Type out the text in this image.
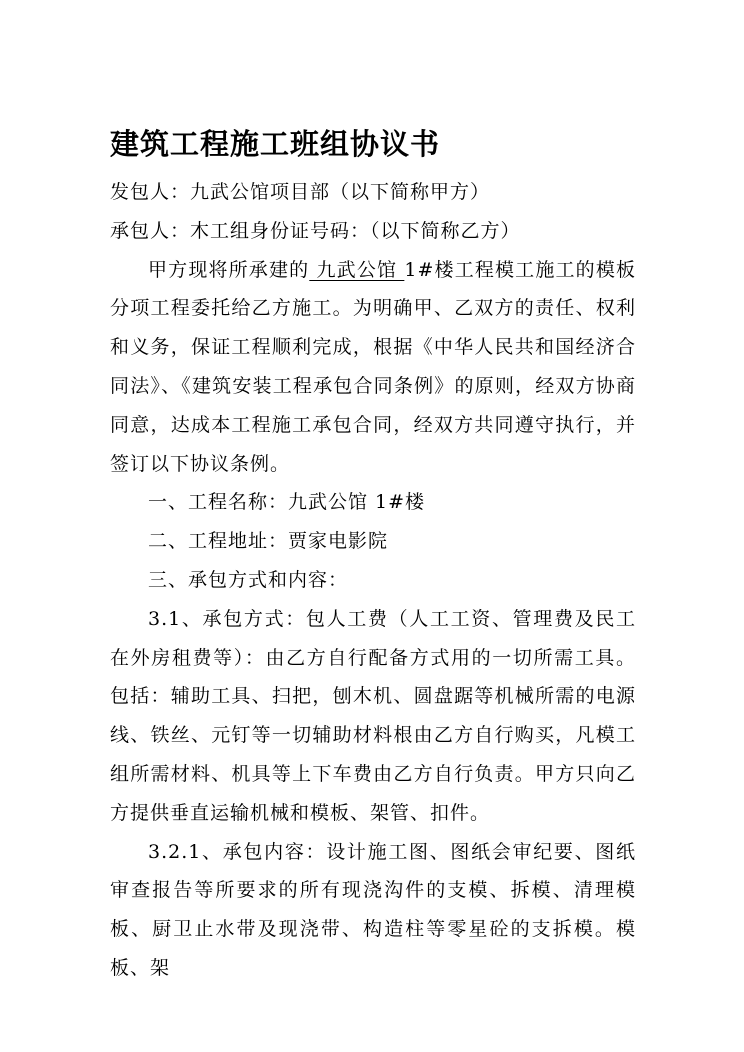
建筑工程施工班组协议书

发包人：九武公馆项目部（以下简称甲方）

承包人：木工组身份证号码：（以下简称乙方）

甲方现将所承建的 九武公馆 1#楼工程模工施工的模板分项工程委托给乙方施工。为明确甲、乙双方的责任、权利和义务，保证工程顺利完成，根据《中华人民共和国经济合同法》、《建筑安装工程承包合同条例》的原则，经双方协商同意，达成本工程施工承包合同，经双方共同遵守执行，并签订以下协议条例。

一、工程名称：九武公馆 1#楼

二、工程地址：贾家电影院

三、承包方式和内容：

3.1、承包方式：包人工费（人工工资、管理费及民工在外房租费等）：由乙方自行配备方式用的一切所需工具。包括：辅助工具、扫把，刨木机、圆盘踞等机械所需的电源线、铁丝、元钉等一切辅助材料根由乙方自行购买，凡模工组所需材料、机具等上下车费由乙方自行负责。甲方只向乙方提供垂直运输机械和模板、架管、扣件。

3.2.1、承包内容：设计施工图、图纸会审纪要、图纸审查报告等所要求的所有现浇沟件的支模、拆模、清理模板、厨卫止水带及现浇带、构造柱等零星砼的支拆模。模板、架
